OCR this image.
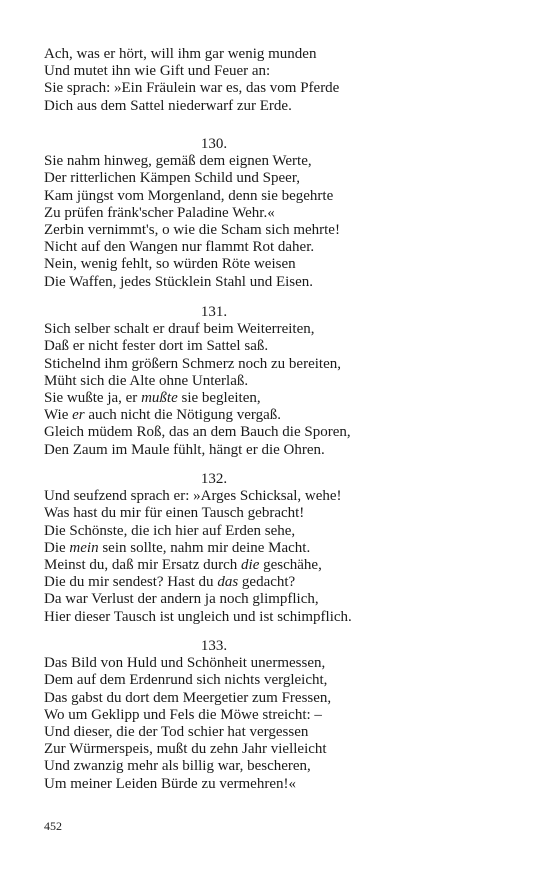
Ach, was er hört, will ihm gar wenig munden
Und mutet ihn wie Gift und Feuer an:
Sie sprach: »Ein Fräulein war es, das vom Pferde
Dich aus dem Sattel niederwarf zur Erde.
130.
Sie nahm hinweg, gemäß dem eignen Werte,
Der ritterlichen Kämpen Schild und Speer,
Kam jüngst vom Morgenland, denn sie begehrte
Zu prüfen fränk'scher Paladine Wehr.«
Zerbin vernimmt's, o wie die Scham sich mehrte!
Nicht auf den Wangen nur flammt Rot daher.
Nein, wenig fehlt, so würden Röte weisen
Die Waffen, jedes Stücklein Stahl und Eisen.
131.
Sich selber schalt er drauf beim Weiterreiten,
Daß er nicht fester dort im Sattel saß.
Stichelnd ihm größern Schmerz noch zu bereiten,
Müht sich die Alte ohne Unterlaß.
Sie wußte ja, er mußte sie begleiten,
Wie er auch nicht die Nötigung vergaß.
Gleich müdem Roß, das an dem Bauch die Sporen,
Den Zaum im Maule fühlt, hängt er die Ohren.
132.
Und seufzend sprach er: »Arges Schicksal, wehe!
Was hast du mir für einen Tausch gebracht!
Die Schönste, die ich hier auf Erden sehe,
Die mein sein sollte, nahm mir deine Macht.
Meinst du, daß mir Ersatz durch die geschähe,
Die du mir sendest? Hast du das gedacht?
Da war Verlust der andern ja noch glimpflich,
Hier dieser Tausch ist ungleich und ist schimpflich.
133.
Das Bild von Huld und Schönheit unermessen,
Dem auf dem Erdenrund sich nichts vergleicht,
Das gabst du dort dem Meergetier zum Fressen,
Wo um Geklipp und Fels die Möwe streicht: –
Und dieser, die der Tod schier hat vergessen
Zur Würmerspeis, mußt du zehn Jahr vielleicht
Und zwanzig mehr als billig war, bescheren,
Um meiner Leiden Bürde zu vermehren!«
452
